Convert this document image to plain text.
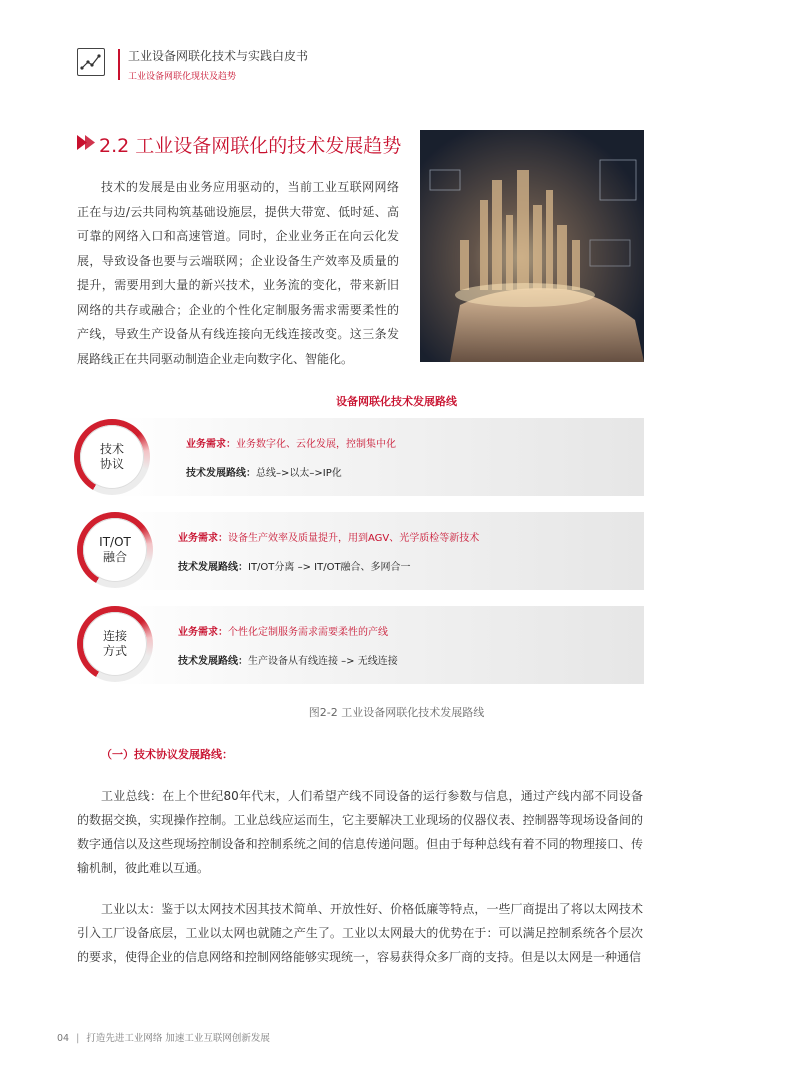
工业设备网联化技术与实践白皮书
工业设备网联化现状及趋势
2.2 工业设备网联化的技术发展趋势
技术的发展是由业务应用驱动的，当前工业互联网网络正在与边/云共同构筑基础设施层，提供大带宽、低时延、高可靠的网络入口和高速管道。同时，企业业务正在向云化发展，导致设备也要与云端联网；企业设备生产效率及质量的提升，需要用到大量的新兴技术，业务流的变化，带来新旧网络的共存或融合；企业的个性化定制服务需求需要柔性的产线，导致生产设备从有线连接向无线连接改变。这三条发展路线正在共同驱动制造企业走向数字化、智能化。
设备网联化技术发展路线
业务需求：业务数字化、云化发展，控制集中化
技术发展路线：总线–>以太–>IP化
技术
协议
业务需求：设备生产效率及质量提升，用到AGV、光学质检等新技术
技术发展路线：IT/OT分离 –> IT/OT融合、多网合一
IT/OT
融合
业务需求：个性化定制服务需求需要柔性的产线
技术发展路线：生产设备从有线连接 –> 无线连接
连接
方式
图2-2 工业设备网联化技术发展路线
（一）技术协议发展路线：
工业总线：在上个世纪80年代末，人们希望产线不同设备的运行参数与信息，通过产线内部不同设备的数据交换，实现操作控制。工业总线应运而生，它主要解决工业现场的仪器仪表、控制器等现场设备间的数字通信以及这些现场控制设备和控制系统之间的信息传递问题。但由于每种总线有着不同的物理接口、传输机制，彼此难以互通。
工业以太：鉴于以太网技术因其技术简单、开放性好、价格低廉等特点，一些厂商提出了将以太网技术引入工厂设备底层，工业以太网也就随之产生了。工业以太网最大的优势在于：可以满足控制系统各个层次的要求，使得企业的信息网络和控制网络能够实现统一，容易获得众多厂商的支持。但是以太网是一种通信
04 | 打造先进工业网络 加速工业互联网创新发展
